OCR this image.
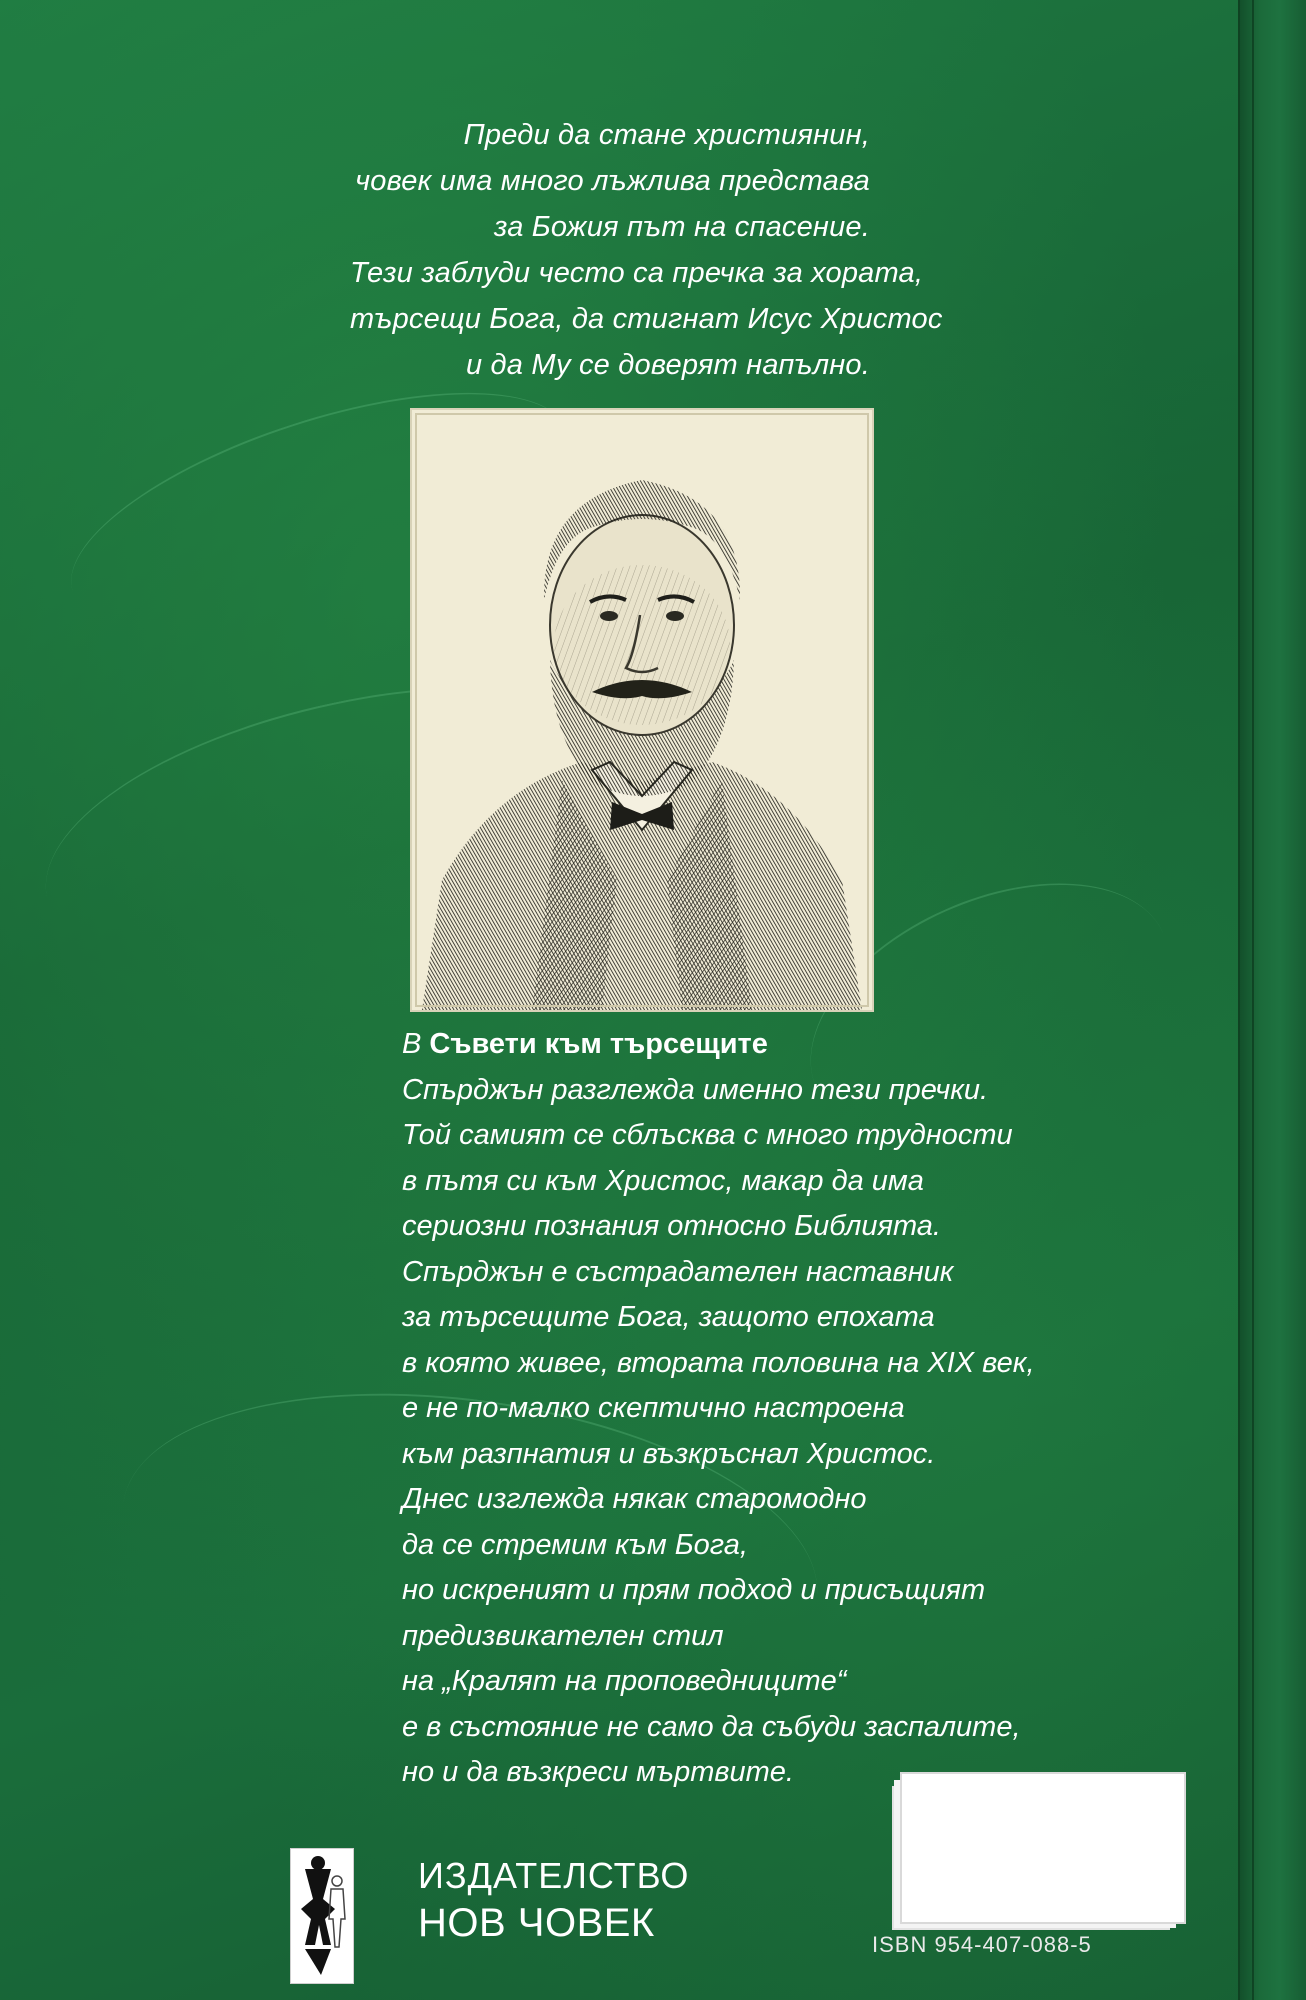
Преди да стане християнин,
човек има много лъжлива представа
за Божия път на спасение.
Тези заблуди често са пречка за хората,
търсещи Бога, да стигнат Исус Христос
и да Му се доверят напълно.
В Съвети към търсещите
Спърджън разглежда именно тези пречки.
Той самият се сблъсква с много трудности
в пътя си към Христос, макар да има
сериозни познания относно Библията.
Спърджън е състрадателен наставник
за търсещите Бога, защото епохата
в която живее, втората половина на XIX век,
е не по-малко скептично настроена
към разпнатия и възкръснал Христос.
Днес изглежда някак старомодно
да се стремим към Бога,
но искреният и прям подход и присъщият
предизвикателен стил
на „Кралят на проповедниците“
е в състояние не само да събуди заспалите,
но и да възкреси мъртвите.
ИЗДАТЕЛСТВО
НОВ ЧОВЕК	ISBN 954-407-088-5
